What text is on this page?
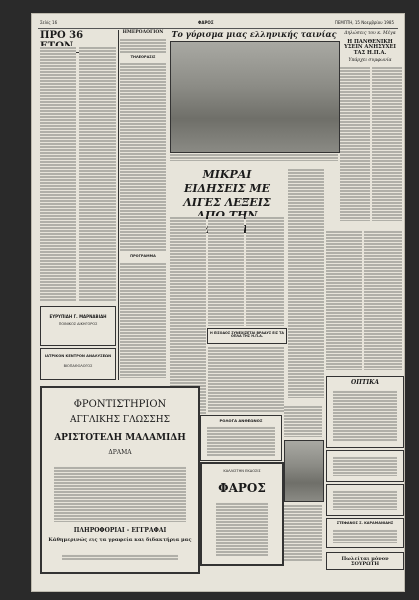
Σελίς 16	ΦΑΡΟΣ	ΠΕΜΠΤΗ, 15 Νοεμβρίου 1985
ΠΡΟ 36
ΕΥΡΥΠΙΔΗ Γ. ΜΑΡΝΑΒΙΔΗ
ΠΟΙΝΙΚΟΣ ΔΙΚΗΓΟΡΟΣ
ΙΑΤΡΙΚΟΝ ΚΕΝΤΡΟΝ ΑΝΑΛΥΣΕΩΝ
ΒΙΟΠΑΘΟΛΟΓΟΣ
ΗΜΕΡΟΛΟΓΙΟΝ
ΤΗΛΕΟΡΑΣΙΣ
ΠΡΟΓΡΑΜΜΑ
Το γύρισμα μιας ελληνικής ταινίας
ΜΙΚΡΑΙ ΕΙΔΗΣΕΙΣ ΜΕ ΛΙΓΕΣ ΛΕΞΕΙΣ
Η ΕΙΣΟΔΟΣ ΣΥΝΕΧΙΖΕΤΑΙ ΒΡΑΔΥΣ ΕΙΣ ΤΑ ΟΠΛΑ ΤΗΣ Η.Π.Α.
Δηλώσεις του κ. Μέγα
Η ΠΑΝΘΕΝΙΚΗ ΥΣΕΙΝ ΑΝΗΣΥΧΕΙ ΤΑΣ Η.Π.Α.
Υπάρχει συμφωνία
ΦΡΟΝΤΙΣΤΗΡΙΟΝ
ΑΓΓΛΙΚΗΣ ΓΛΩΣΣΗΣ
ΑΡΙΣΤΟΤΕΛΗ ΜΑΛΑΜΙΔΗ
ΔΡΑΜΑ
ΠΛΗΡΟΦΟΡΙΑΙ - ΕΓΓΡΑΦΑΙ
Κάθημερινώς εις τα γραφεία και διδακτήρια μας
ΡΟΛΟΓΑ ΑΝΘΕΩΝΟΣ
ΚΑΛΛΙΣΤΗΝ ΕΚΔΟΣΙΣ
ΦΑΡΟΣ
ΟΠΤΙΚΑ
ΣΤΕΦΑΝΟΣ Σ. ΚΑΡΑΜΑΝΙΔΗΣ
Πωλείται μόνον ΣΟΥΡΩΤΗ
